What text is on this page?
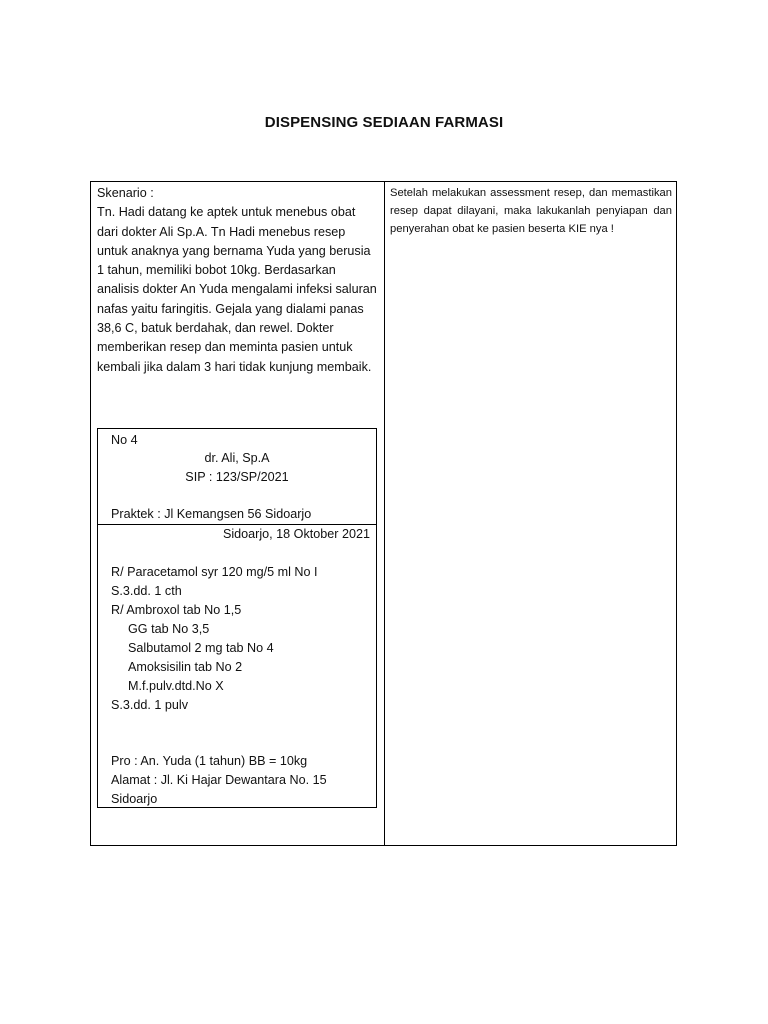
DISPENSING SEDIAAN FARMASI
Skenario :
Tn. Hadi datang ke aptek untuk menebus obat dari dokter Ali Sp.A. Tn Hadi menebus resep untuk anaknya yang bernama Yuda yang berusia 1 tahun, memiliki bobot 10kg. Berdasarkan analisis dokter An Yuda mengalami infeksi saluran nafas yaitu faringitis. Gejala yang dialami panas 38,6 C, batuk berdahak, dan rewel. Dokter memberikan resep dan meminta pasien untuk kembali jika dalam 3 hari tidak kunjung membaik.
Setelah melakukan assessment resep, dan memastikan resep dapat dilayani, maka lakukanlah penyiapan dan penyerahan obat ke pasien beserta KIE nya !
No 4
dr. Ali, Sp.A
SIP : 123/SP/2021
Praktek : Jl Kemangsen 56 Sidoarjo
Sidoarjo, 18 Oktober 2021
R/ Paracetamol syr 120 mg/5 ml No I
S.3.dd. 1 cth
R/ Ambroxol tab No 1,5
GG tab No 3,5
Salbutamol 2 mg tab No 4
Amoksisilin tab No 2
M.f.pulv.dtd.No X
S.3.dd. 1 pulv
Pro : An. Yuda (1 tahun) BB = 10kg
Alamat : Jl. Ki Hajar Dewantara No. 15
Sidoarjo
